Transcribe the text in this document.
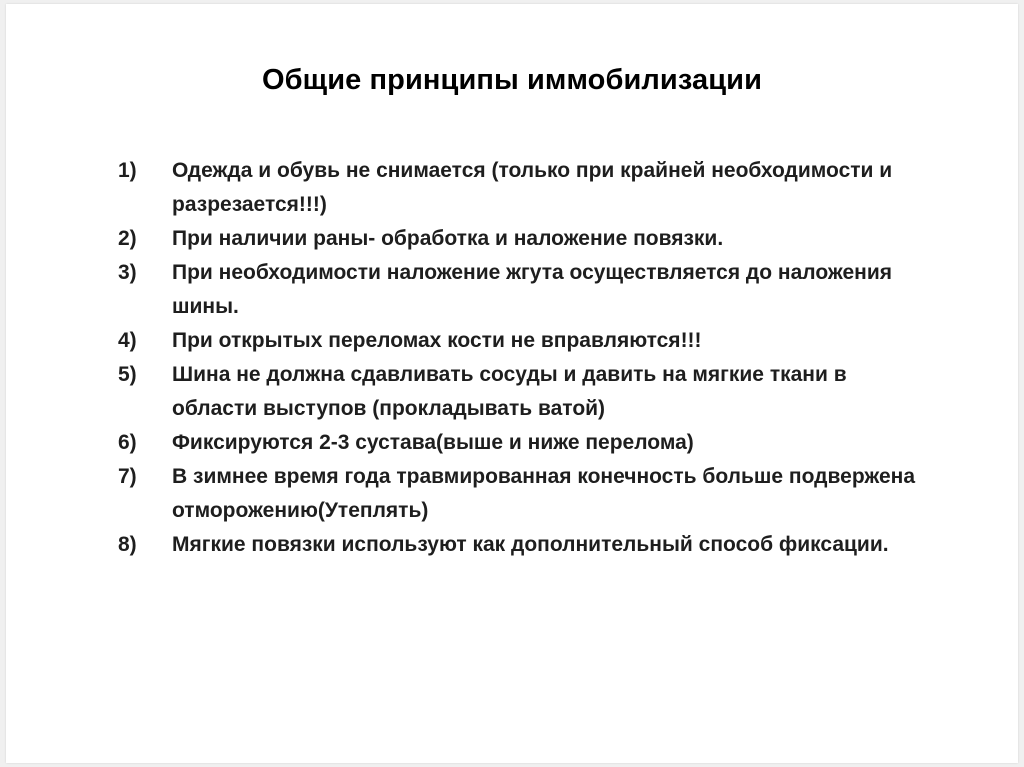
Общие принципы иммобилизации
1)	Одежда и обувь не снимается (только при крайней необходимости и разрезается!!!)
2)	При наличии раны- обработка и наложение повязки.
3)	При необходимости наложение жгута осуществляется до наложения шины.
4)	При открытых переломах кости не вправляются!!!
5)	Шина не должна сдавливать сосуды и давить на мягкие ткани в области выступов (прокладывать ватой)
6)	Фиксируются 2-3 сустава(выше и ниже перелома)
7)	В зимнее время года травмированная конечность больше подвержена отморожению(Утеплять)
8)	Мягкие повязки используют как дополнительный способ фиксации.
